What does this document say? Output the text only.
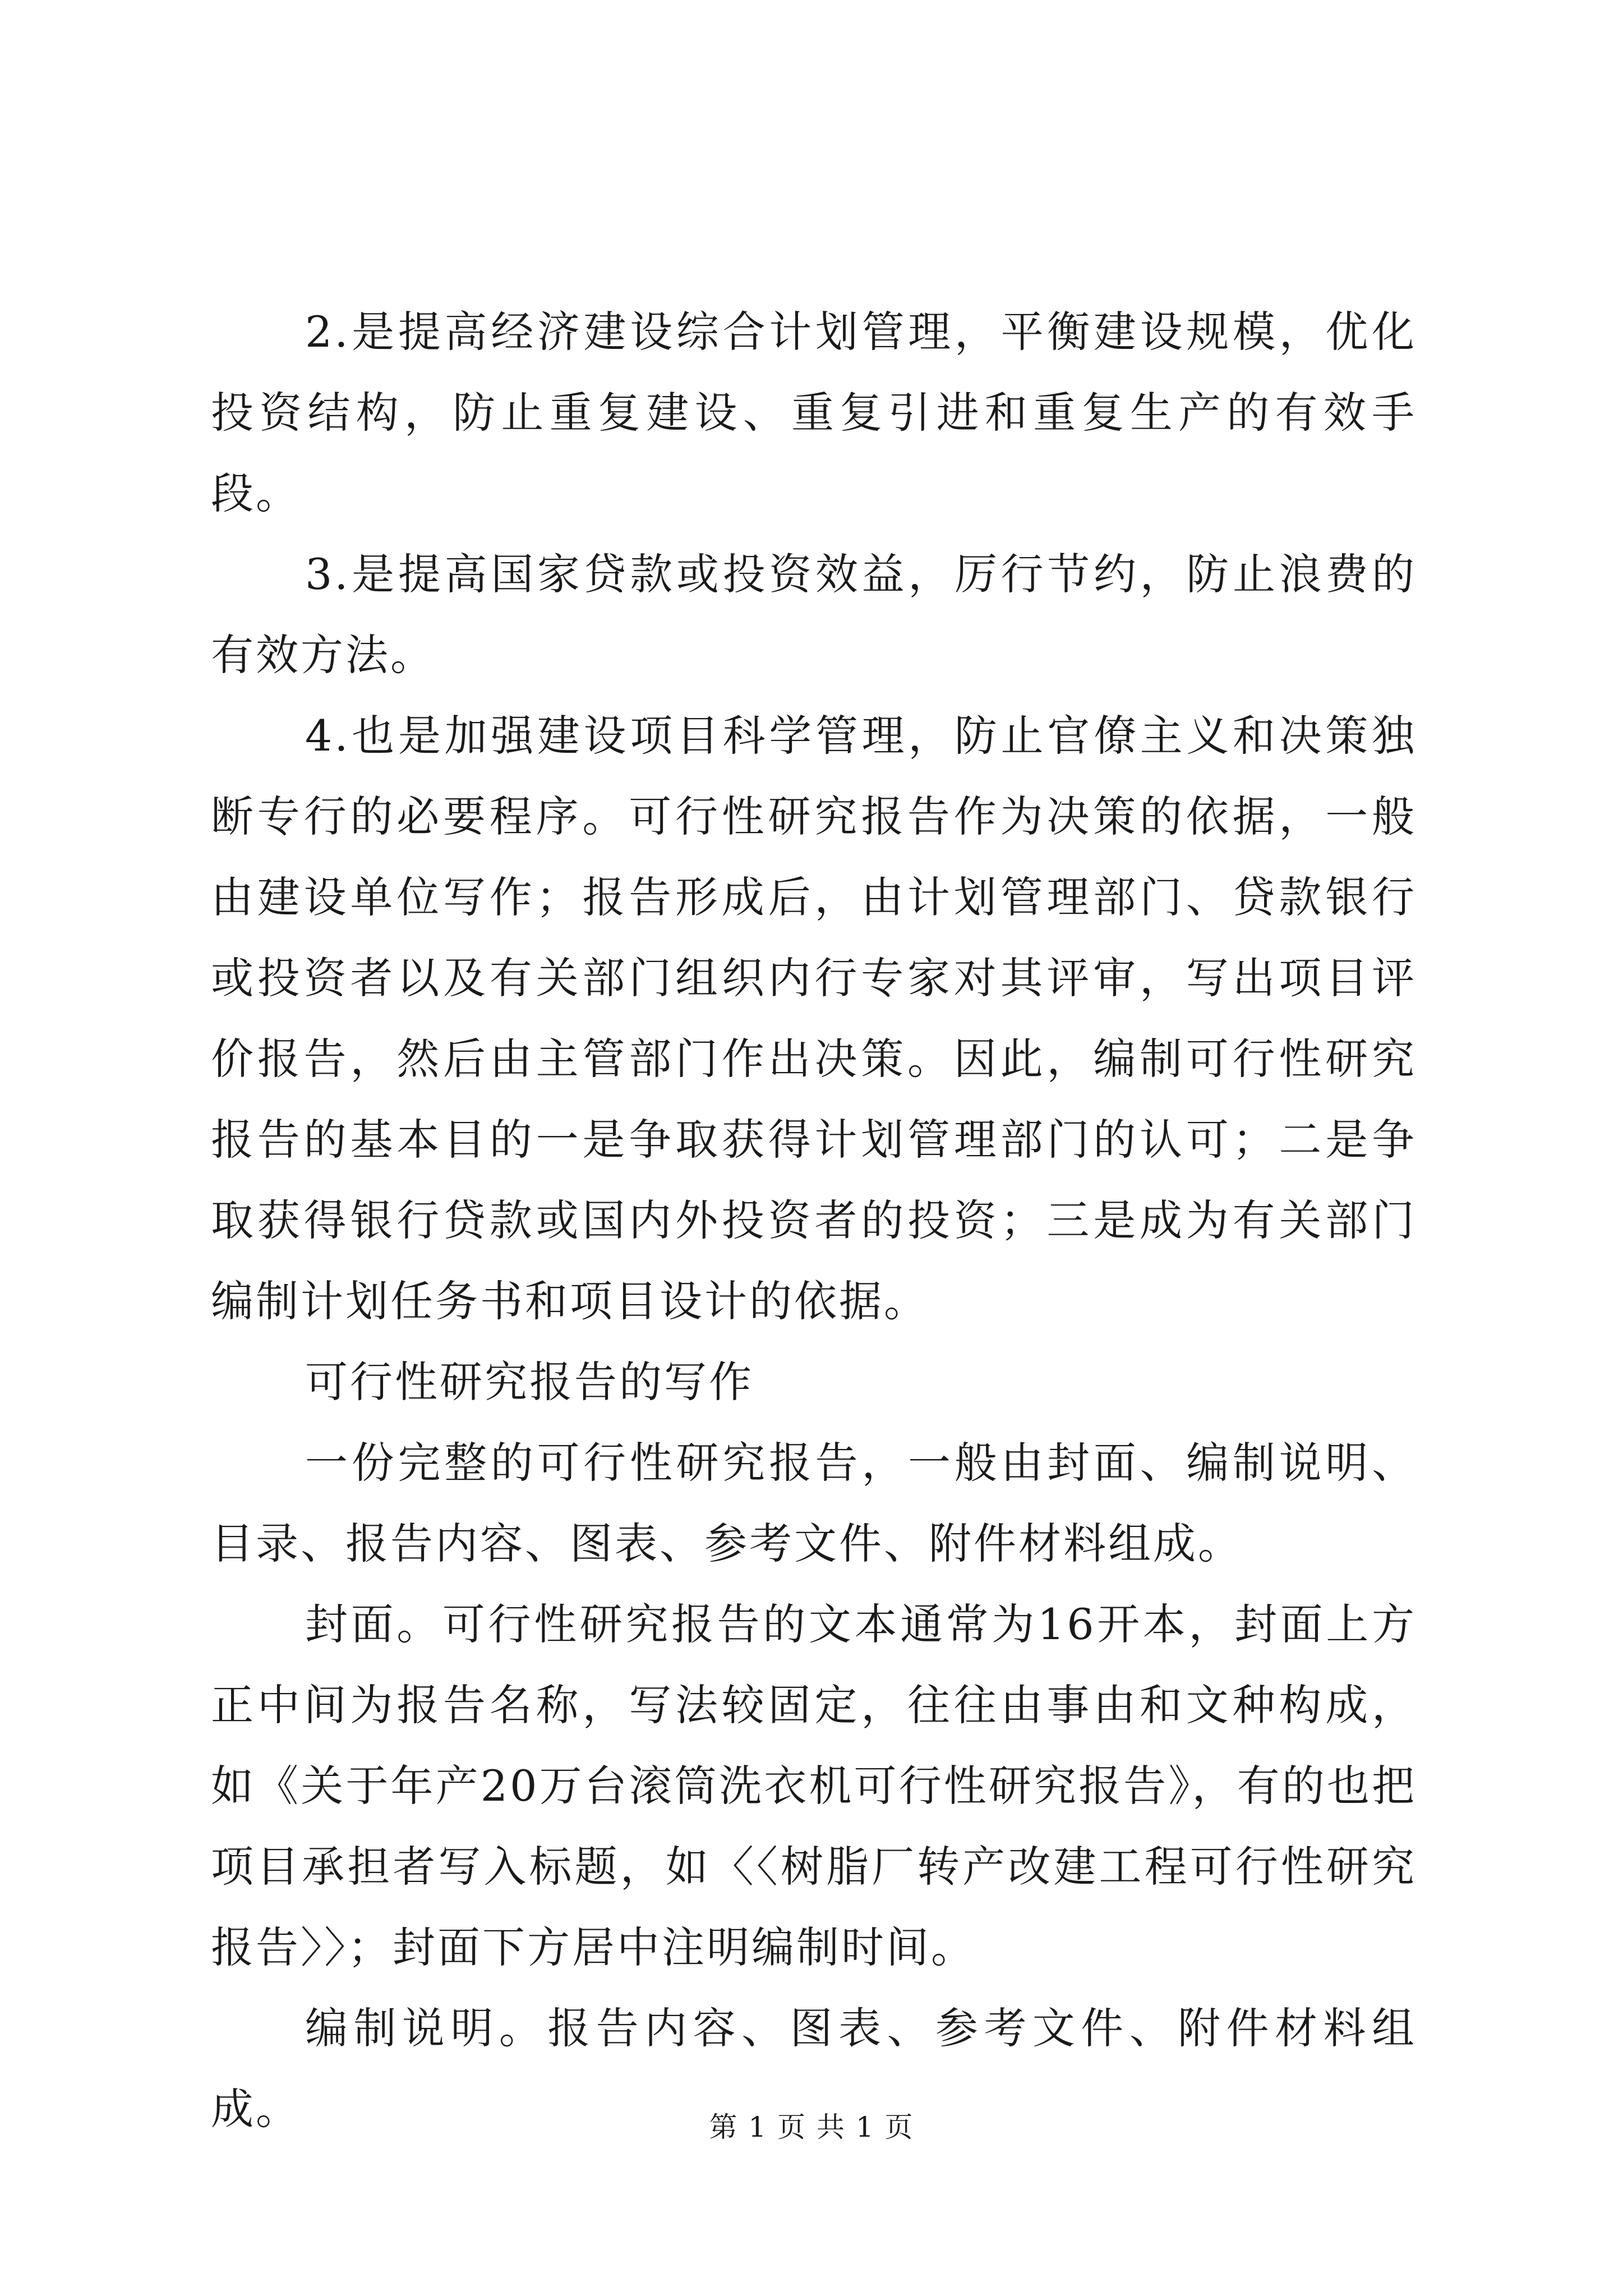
2.是提高经济建设综合计划管理，平衡建设规模，优化投资结构，防止重复建设、重复引进和重复生产的有效手段。

3.是提高国家贷款或投资效益，厉行节约，防止浪费的有效方法。

4.也是加强建设项目科学管理，防止官僚主义和决策独断专行的必要程序。可行性研究报告作为决策的依据，一般由建设单位写作；报告形成后，由计划管理部门、贷款银行或投资者以及有关部门组织内行专家对其评审，写出项目评价报告，然后由主管部门作出决策。因此，编制可行性研究报告的基本目的一是争取获得计划管理部门的认可；二是争取获得银行贷款或国内外投资者的投资；三是成为有关部门编制计划任务书和项目设计的依据。

可行性研究报告的写作

一份完整的可行性研究报告，一般由封面、编制说明、目录、报告内容、图表、参考文件、附件材料组成。

封面。可行性研究报告的文本通常为16开本，封面上方正中间为报告名称，写法较固定，往往由事由和文种构成，如《关于年产20万台滚筒洗衣机可行性研究报告》，有的也把项目承担者写入标题，如〈〈树脂厂转产改建工程可行性研究报告〉〉；封面下方居中注明编制时间。

编制说明。报告内容、图表、参考文件、附件材料组成。	第 1 页 共 1 页
